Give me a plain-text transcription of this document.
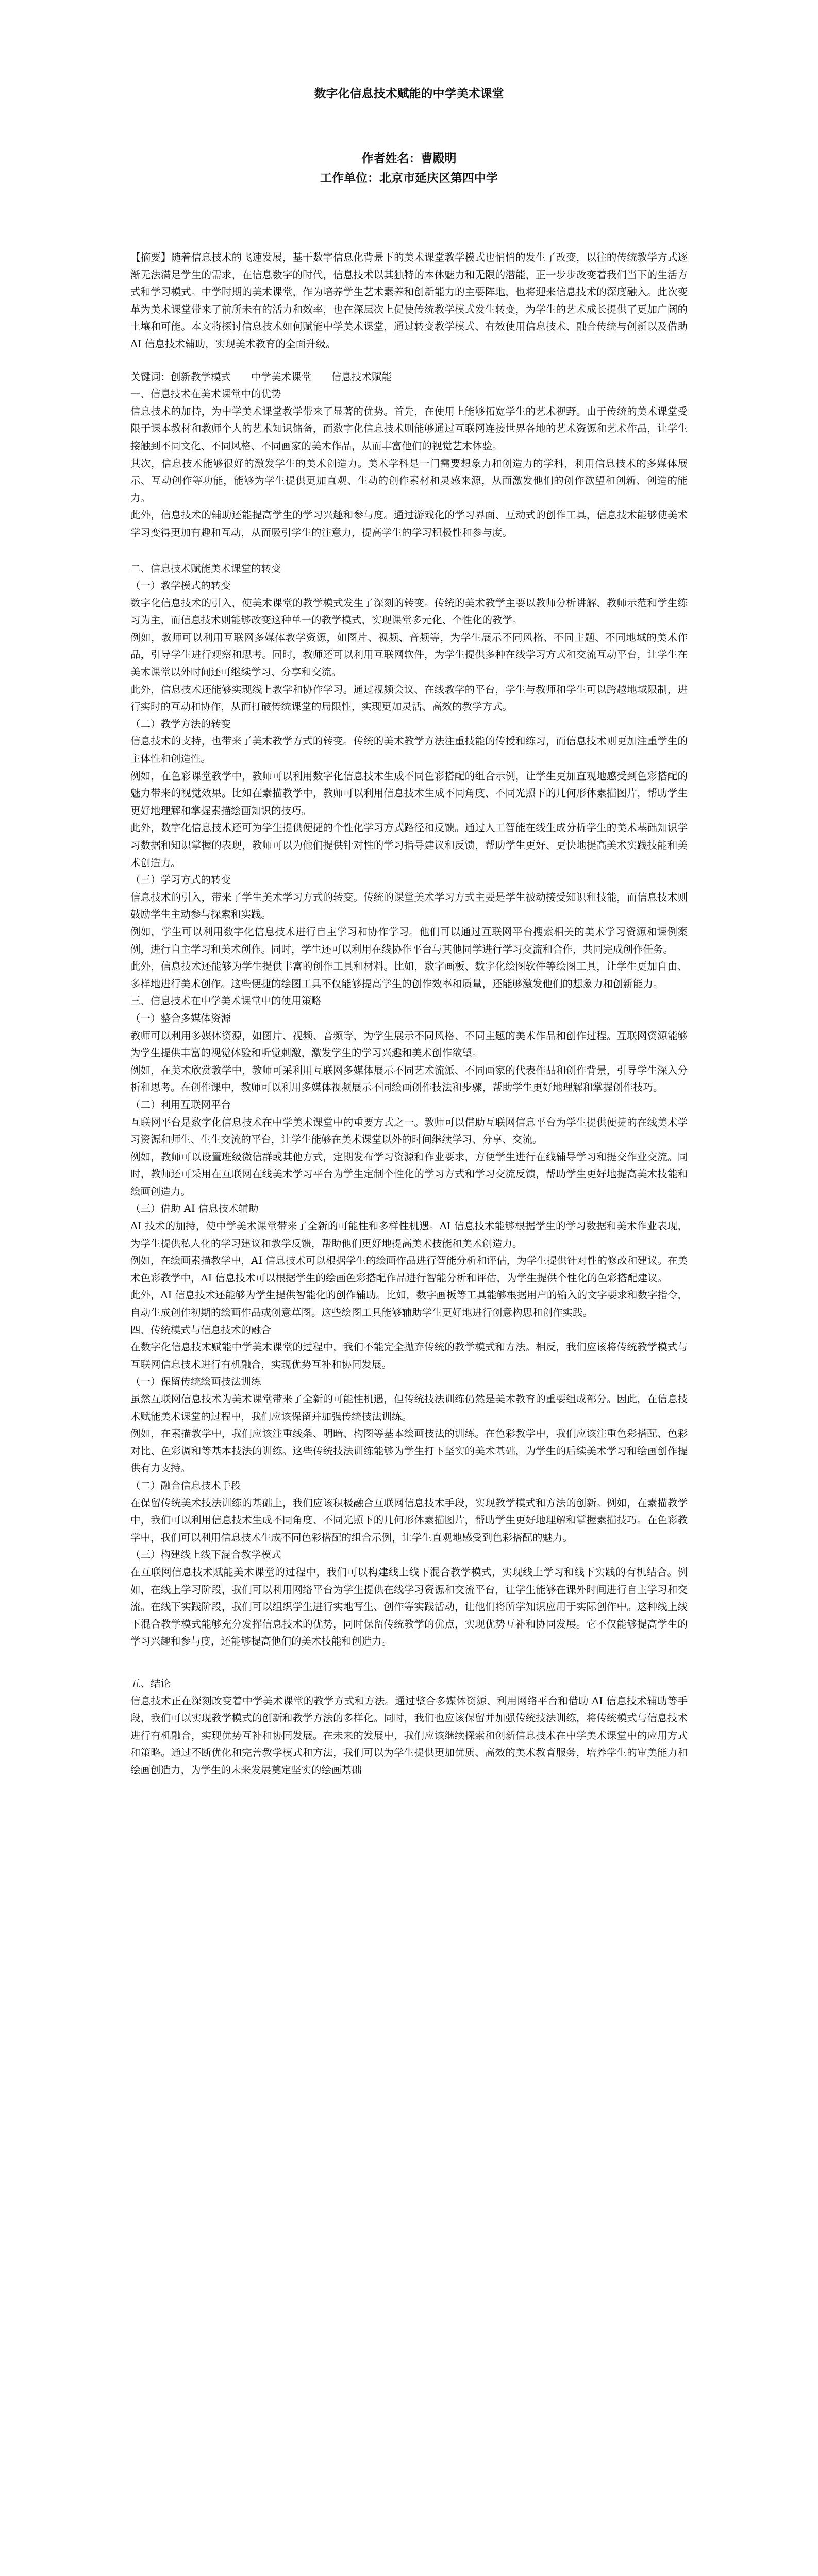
数字化信息技术赋能的中学美术课堂
作者姓名：曹殿明
工作单位：北京市延庆区第四中学

【摘要】随着信息技术的飞速发展，基于数字信息化背景下的美术课堂教学模式也悄悄的发生了改变，以往的传统教学方式逐渐无法满足学生的需求，在信息数字的时代，信息技术以其独特的本体魅力和无限的潜能，正一步步改变着我们当下的生活方式和学习模式。中学时期的美术课堂，作为培养学生艺术素养和创新能力的主要阵地，也将迎来信息技术的深度融入。此次变革为美术课堂带来了前所未有的活力和效率，也在深层次上促使传统教学模式发生转变，为学生的艺术成长提供了更加广阔的土壤和可能。本文将探讨信息技术如何赋能中学美术课堂，通过转变教学模式、有效使用信息技术、融合传统与创新以及借助 AI 信息技术辅助，实现美术教育的全面升级。

关键词：创新教学模式　　中学美术课堂　　信息技术赋能

一、信息技术在美术课堂中的优势

信息技术的加持，为中学美术课堂教学带来了显著的优势。首先，在使用上能够拓宽学生的艺术视野。由于传统的美术课堂受限于课本教材和教师个人的艺术知识储备，而数字化信息技术则能够通过互联网连接世界各地的艺术资源和艺术作品，让学生接触到不同文化、不同风格、不同画家的美术作品，从而丰富他们的视觉艺术体验。

其次，信息技术能够很好的激发学生的美术创造力。美术学科是一门需要想象力和创造力的学科，利用信息技术的多媒体展示、互动创作等功能，能够为学生提供更加直观、生动的创作素材和灵感来源，从而激发他们的创作欲望和创新、创造的能力。

此外，信息技术的辅助还能提高学生的学习兴趣和参与度。通过游戏化的学习界面、互动式的创作工具，信息技术能够使美术学习变得更加有趣和互动，从而吸引学生的注意力，提高学生的学习积极性和参与度。

二、信息技术赋能美术课堂的转变

（一）教学模式的转变

数字化信息技术的引入，使美术课堂的教学模式发生了深刻的转变。传统的美术教学主要以教师分析讲解、教师示范和学生练习为主，而信息技术则能够改变这种单一的教学模式，实现课堂多元化、个性化的教学。

例如，教师可以利用互联网多媒体教学资源，如图片、视频、音频等，为学生展示不同风格、不同主题、不同地域的美术作品，引导学生进行观察和思考。同时，教师还可以利用互联网软件，为学生提供多种在线学习方式和交流互动平台，让学生在美术课堂以外时间还可继续学习、分享和交流。

此外，信息技术还能够实现线上教学和协作学习。通过视频会议、在线教学的平台，学生与教师和学生可以跨越地域限制，进行实时的互动和协作，从而打破传统课堂的局限性，实现更加灵活、高效的教学方式。

（二）教学方法的转变

信息技术的支持，也带来了美术教学方式的转变。传统的美术教学方法注重技能的传授和练习，而信息技术则更加注重学生的主体性和创造性。

例如，在色彩课堂教学中，教师可以利用数字化信息技术生成不同色彩搭配的组合示例，让学生更加直观地感受到色彩搭配的魅力带来的视觉效果。比如在素描教学中，教师可以利用信息技术生成不同角度、不同光照下的几何形体素描图片，帮助学生更好地理解和掌握素描绘画知识的技巧。

此外，数字化信息技术还可为学生提供便捷的个性化学习方式路径和反馈。通过人工智能在线生成分析学生的美术基础知识学习数据和知识掌握的表现，教师可以为他们提供针对性的学习指导建议和反馈，帮助学生更好、更快地提高美术实践技能和美术创造力。

（三）学习方式的转变

信息技术的引入，带来了学生美术学习方式的转变。传统的课堂美术学习方式主要是学生被动接受知识和技能，而信息技术则鼓励学生主动参与探索和实践。

例如，学生可以利用数字化信息技术进行自主学习和协作学习。他们可以通过互联网平台搜索相关的美术学习资源和课例案例，进行自主学习和美术创作。同时，学生还可以利用在线协作平台与其他同学进行学习交流和合作，共同完成创作任务。

此外，信息技术还能够为学生提供丰富的创作工具和材料。比如，数字画板、数字化绘图软件等绘图工具，让学生更加自由、多样地进行美术创作。这些便捷的绘图工具不仅能够提高学生的创作效率和质量，还能够激发他们的想象力和创新能力。

三、信息技术在中学美术课堂中的使用策略

（一）整合多媒体资源

教师可以利用多媒体资源，如图片、视频、音频等，为学生展示不同风格、不同主题的美术作品和创作过程。互联网资源能够为学生提供丰富的视觉体验和听觉刺激，激发学生的学习兴趣和美术创作欲望。

例如，在美术欣赏教学中，教师可采利用互联网多媒体展示不同艺术流派、不同画家的代表作品和创作背景，引导学生深入分析和思考。在创作课中，教师可以利用多媒体视频展示不同绘画创作技法和步骤，帮助学生更好地理解和掌握创作技巧。

（二）利用互联网平台

互联网平台是数字化信息技术在中学美术课堂中的重要方式之一。教师可以借助互联网信息平台为学生提供便捷的在线美术学习资源和师生、生生交流的平台，让学生能够在美术课堂以外的时间继续学习、分享、交流。

例如，教师可以设置班级微信群或其他方式，定期发布学习资源和作业要求，方便学生进行在线辅导学习和提交作业交流。同时，教师还可采用在互联网在线美术学习平台为学生定制个性化的学习方式和学习交流反馈，帮助学生更好地提高美术技能和绘画创造力。

（三）借助 AI 信息技术辅助

AI 技术的加持，使中学美术课堂带来了全新的可能性和多样性机遇。AI 信息技术能够根据学生的学习数据和美术作业表现，为学生提供私人化的学习建议和教学反馈，帮助他们更好地提高美术技能和美术创造力。

例如，在绘画素描教学中，AI 信息技术可以根据学生的绘画作品进行智能分析和评估，为学生提供针对性的修改和建议。在美术色彩教学中，AI 信息技术可以根据学生的绘画色彩搭配作品进行智能分析和评估，为学生提供个性化的色彩搭配建议。

此外，AI 信息技术还能够为学生提供智能化的创作辅助。比如，数字画板等工具能够根据用户的输入的文字要求和数字指令，自动生成创作初期的绘画作品或创意草图。这些绘图工具能够辅助学生更好地进行创意构思和创作实践。

四、传统模式与信息技术的融合

在数字化信息技术赋能中学美术课堂的过程中，我们不能完全抛弃传统的教学模式和方法。相反，我们应该将传统教学模式与互联网信息技术进行有机融合，实现优势互补和协同发展。

（一）保留传统绘画技法训练

虽然互联网信息技术为美术课堂带来了全新的可能性机遇，但传统技法训练仍然是美术教育的重要组成部分。因此，在信息技术赋能美术课堂的过程中，我们应该保留并加强传统技法训练。

例如，在素描教学中，我们应该注重线条、明暗、构图等基本绘画技法的训练。在色彩教学中，我们应该注重色彩搭配、色彩对比、色彩调和等基本技法的训练。这些传统技法训练能够为学生打下坚实的美术基础，为学生的后续美术学习和绘画创作提供有力支持。

（二）融合信息技术手段

在保留传统美术技法训练的基础上，我们应该积极融合互联网信息技术手段，实现教学模式和方法的创新。例如，在素描教学中，我们可以利用信息技术生成不同角度、不同光照下的几何形体素描图片，帮助学生更好地理解和掌握素描技巧。在色彩教学中，我们可以利用信息技术生成不同色彩搭配的组合示例，让学生直观地感受到色彩搭配的魅力。

（三）构建线上线下混合教学模式

在互联网信息技术赋能美术课堂的过程中，我们可以构建线上线下混合教学模式，实现线上学习和线下实践的有机结合。例如，在线上学习阶段，我们可以利用网络平台为学生提供在线学习资源和交流平台，让学生能够在课外时间进行自主学习和交流。在线下实践阶段，我们可以组织学生进行实地写生、创作等实践活动，让他们将所学知识应用于实际创作中。这种线上线下混合教学模式能够充分发挥信息技术的优势，同时保留传统教学的优点，实现优势互补和协同发展。它不仅能够提高学生的学习兴趣和参与度，还能够提高他们的美术技能和创造力。

五、结论

信息技术正在深刻改变着中学美术课堂的教学方式和方法。通过整合多媒体资源、利用网络平台和借助 AI 信息技术辅助等手段，我们可以实现教学模式的创新和教学方法的多样化。同时，我们也应该保留并加强传统技法训练，将传统模式与信息技术进行有机融合，实现优势互补和协同发展。在未来的发展中，我们应该继续探索和创新信息技术在中学美术课堂中的应用方式和策略。通过不断优化和完善教学模式和方法，我们可以为学生提供更加优质、高效的美术教育服务，培养学生的审美能力和绘画创造力，为学生的未来发展奠定坚实的绘画基础
